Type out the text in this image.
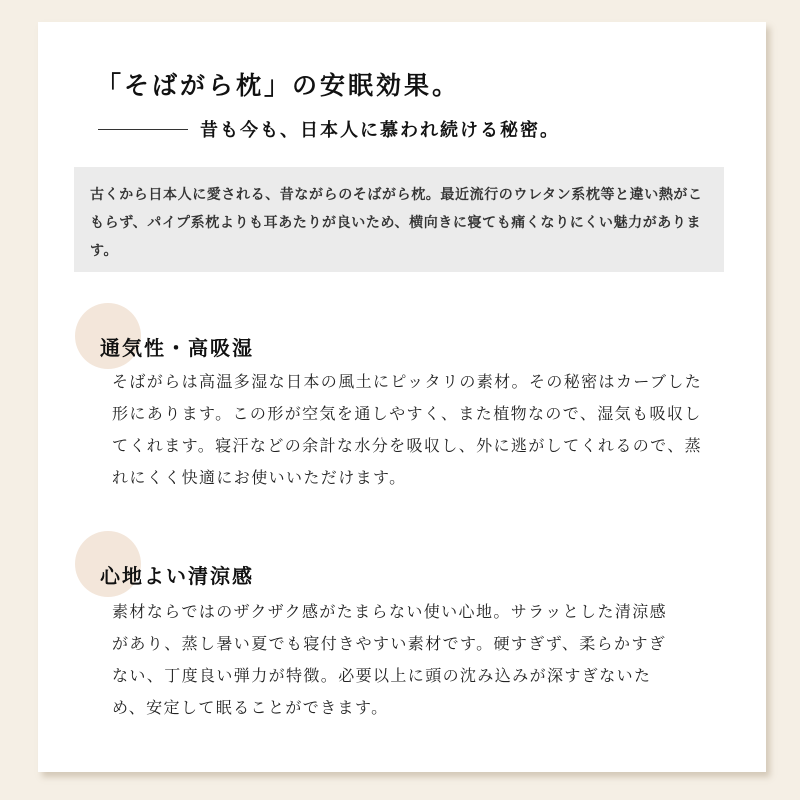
「そばがら枕」の安眠効果。
昔も今も、日本人に慕われ続ける秘密。

古くから日本人に愛される、昔ながらのそばがら枕。最近流行のウレタン系枕等と違い熱がこもらず、パイプ系枕よりも耳あたりが良いため、横向きに寝ても痛くなりにくい魅力があります。

通気性・高吸湿

そばがらは高温多湿な日本の風土にピッタリの素材。その秘密はカーブした形にあります。この形が空気を通しやすく、また植物なので、湿気も吸収してくれます。寝汗などの余計な水分を吸収し、外に逃がしてくれるので、蒸れにくく快適にお使いいただけます。

心地よい清涼感

素材ならではのザクザク感がたまらない使い心地。サラッとした清涼感があり、蒸し暑い夏でも寝付きやすい素材です。硬すぎず、柔らかすぎない、丁度良い弾力が特徴。必要以上に頭の沈み込みが深すぎないため、安定して眠ることができます。
